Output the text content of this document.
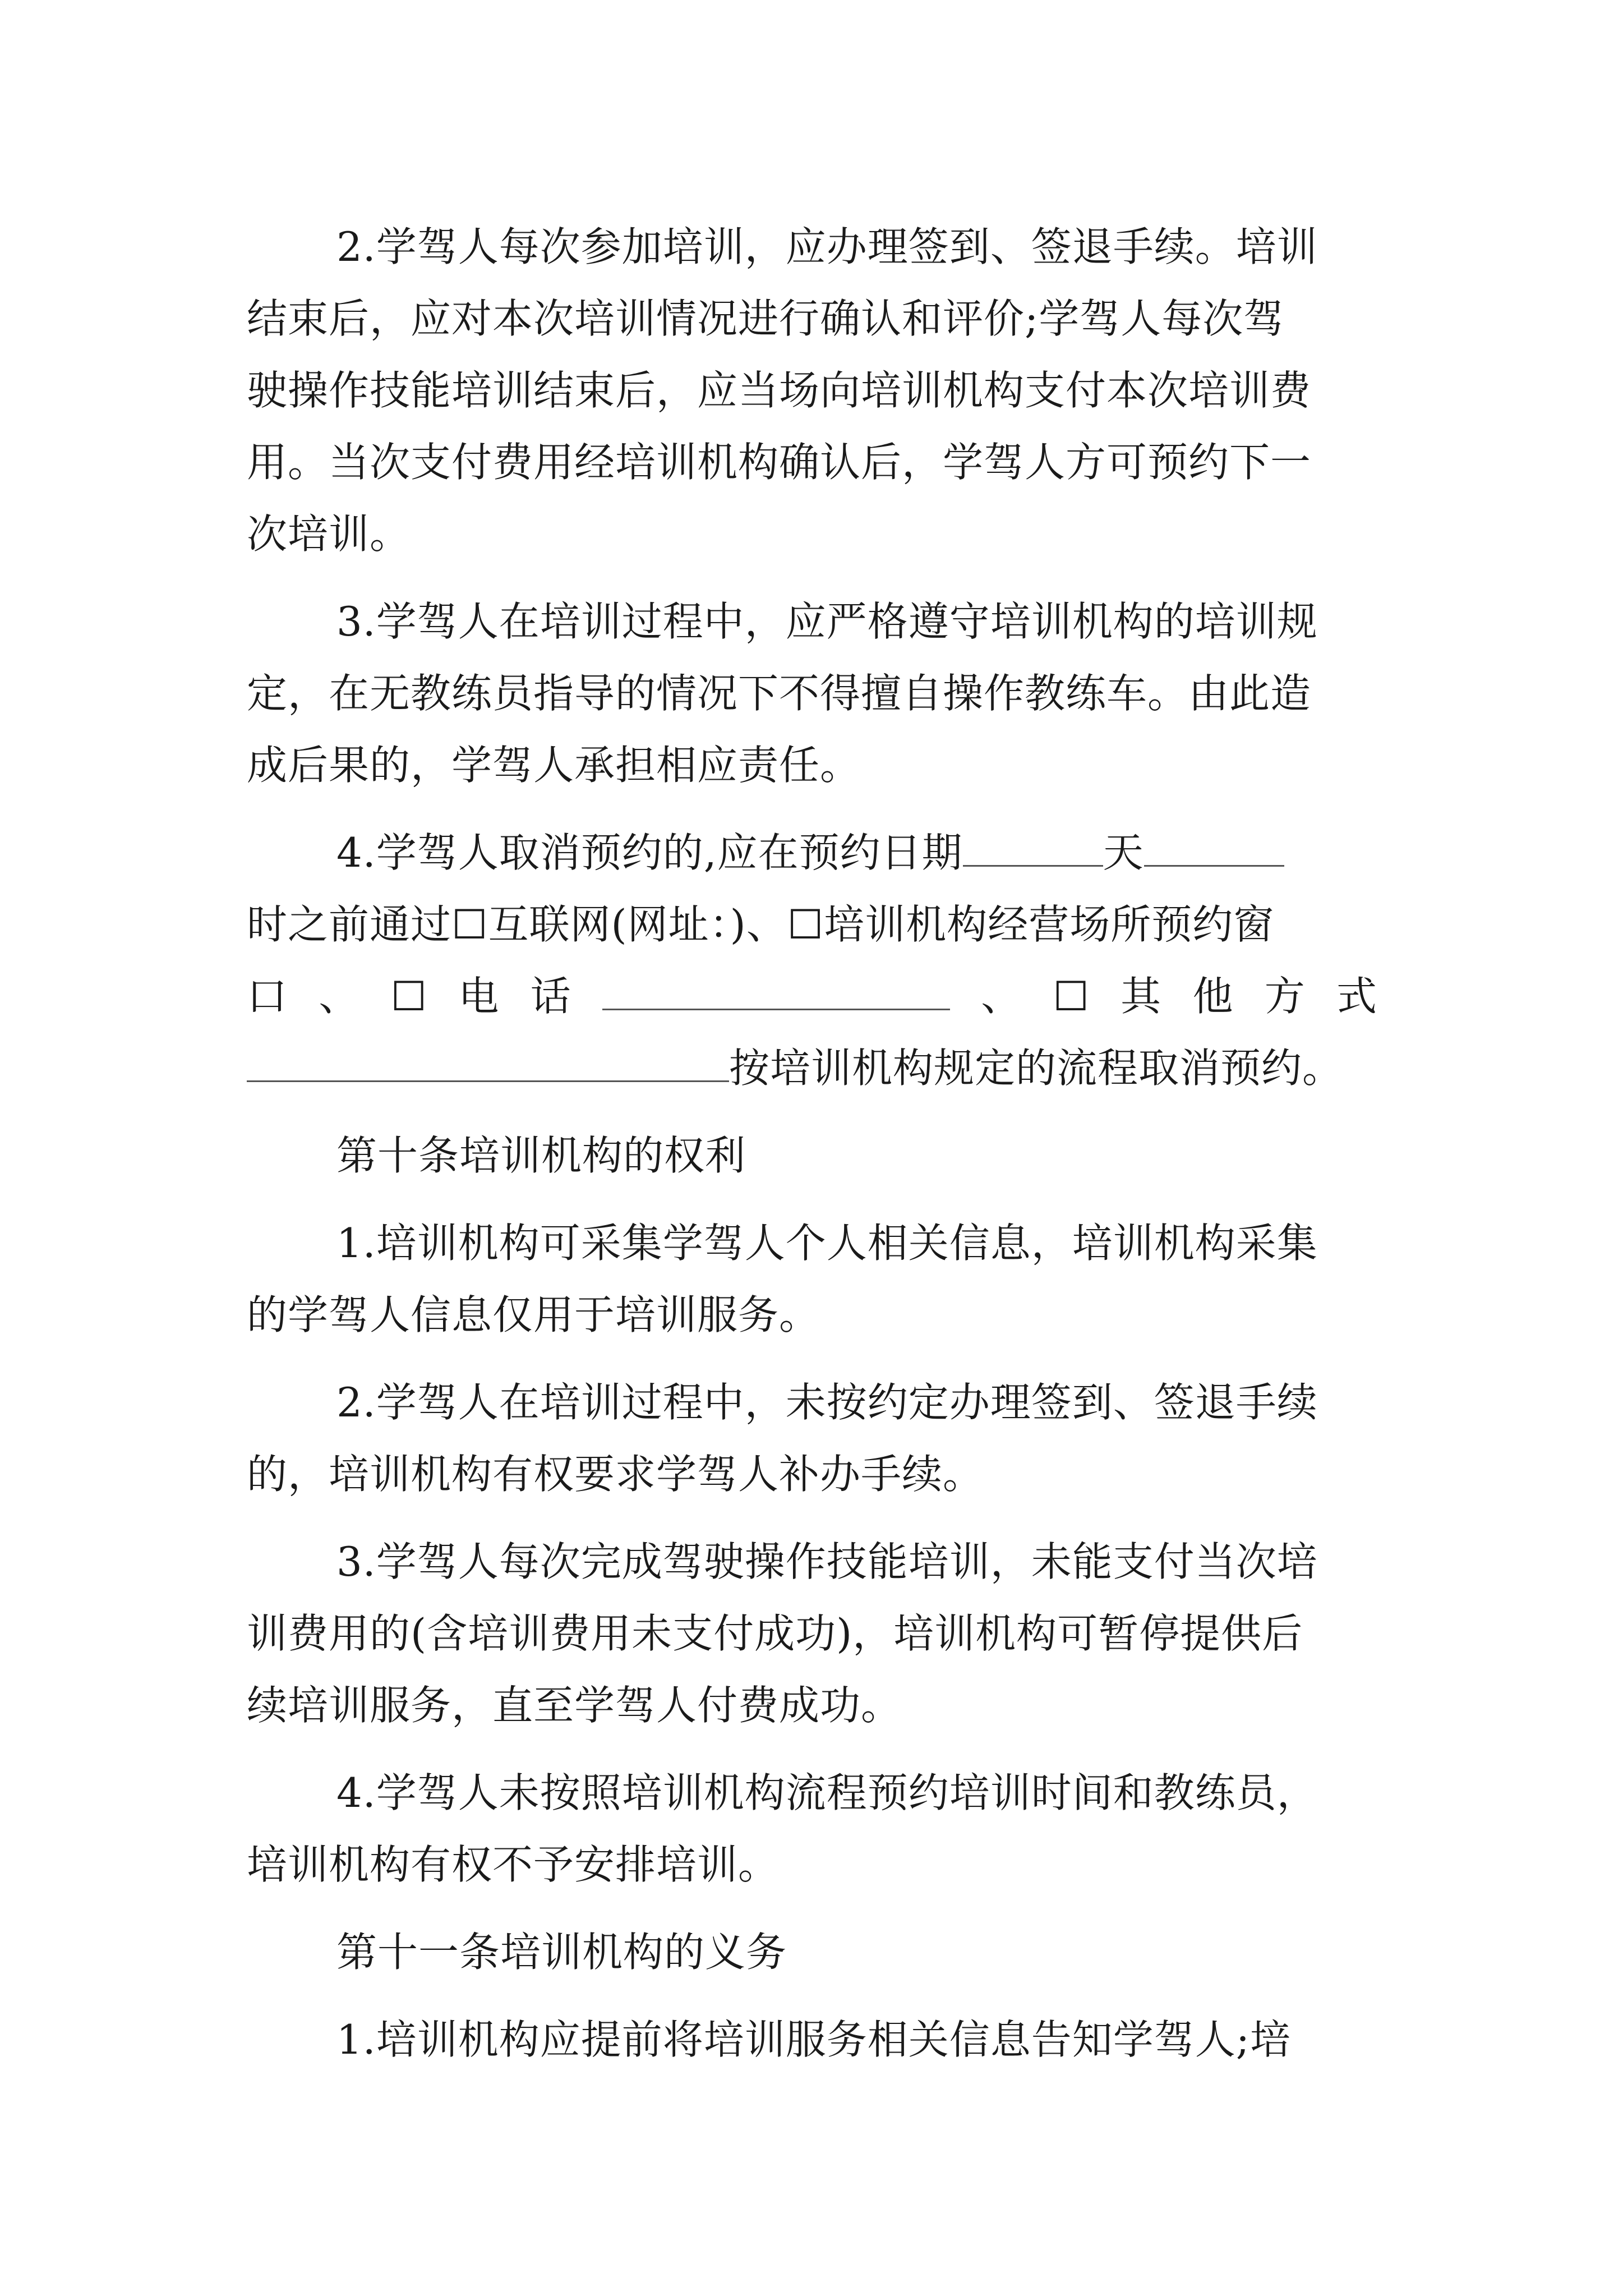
2.学驾人每次参加培训，应办理签到、签退手续。培训
结束后，应对本次培训情况进行确认和评价;学驾人每次驾
驶操作技能培训结束后，应当场向培训机构支付本次培训费
用。当次支付费用经培训机构确认后，学驾人方可预约下一
次培训。
3.学驾人在培训过程中，应严格遵守培训机构的培训规
定，在无教练员指导的情况下不得擅自操作教练车。由此造
成后果的，学驾人承担相应责任。
4.学驾人取消预约的,应在预约日期	天
时之前通过☐互联网(网址：)、☐培训机构经营场所预约窗
口 、 ☐ 电 话	、 ☐ 其 他 方 式
按培训机构规定的流程取消预约。
第十条培训机构的权利
1.培训机构可采集学驾人个人相关信息，培训机构采集
的学驾人信息仅用于培训服务。
2.学驾人在培训过程中，未按约定办理签到、签退手续
的，培训机构有权要求学驾人补办手续。
3.学驾人每次完成驾驶操作技能培训，未能支付当次培
训费用的(含培训费用未支付成功)，培训机构可暂停提供后
续培训服务，直至学驾人付费成功。
4.学驾人未按照培训机构流程预约培训时间和教练员，
培训机构有权不予安排培训。
第十一条培训机构的义务
1.培训机构应提前将培训服务相关信息告知学驾人;培
